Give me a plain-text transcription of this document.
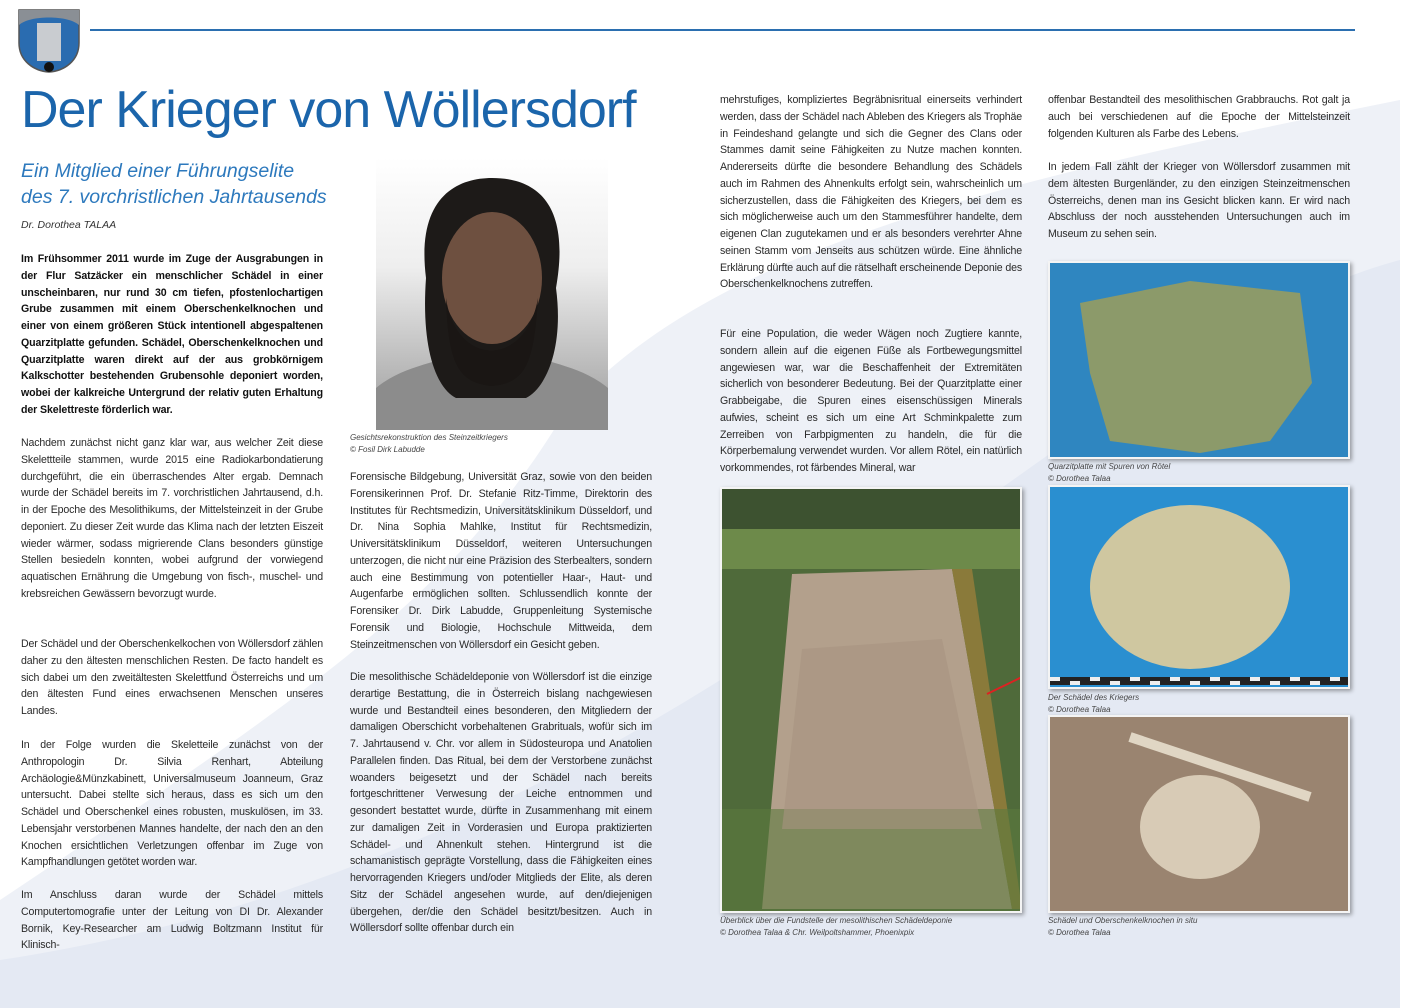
Der Krieger von Wöllersdorf
Ein Mitglied einer Führungselite
des 7. vorchristlichen Jahrtausends
Dr. Dorothea TALAA

Im Frühsommer 2011 wurde im Zuge der Ausgrabungen in der Flur Satzäcker ein menschlicher Schädel in einer unscheinbaren, nur rund 30 cm tiefen, pfostenlochartigen Grube zusammen mit einem Oberschenkelknochen und einer von einem größeren Stück intentionell abgespaltenen Quarzitplatte gefunden. Schädel, Oberschenkelknochen und Quarzitplatte waren direkt auf der aus grobkörnigem Kalkschotter bestehenden Grubensohle deponiert worden, wobei der kalkreiche Untergrund der relativ guten Erhaltung der Skelettreste förderlich war.

Nachdem zunächst nicht ganz klar war, aus welcher Zeit diese Skelettteile stammen, wurde 2015 eine Radiokarbondatierung durchgeführt, die ein überraschendes Alter ergab. Demnach wurde der Schädel bereits im 7. vorchristlichen Jahrtausend, d.h. in der Epoche des Mesolithikums, der Mittelsteinzeit in der Grube deponiert. Zu dieser Zeit wurde das Klima nach der letzten Eiszeit wieder wärmer, sodass migrierende Clans besonders günstige Stellen besiedeln konnten, wobei aufgrund der vorwiegend aquatischen Ernährung die Umgebung von fisch-, muschel- und krebsreichen Gewässern bevorzugt wurde.

Der Schädel und der Oberschenkelkochen von Wöllersdorf zählen daher zu den ältesten menschlichen Resten. De facto handelt es sich dabei um den zweitältesten Skelettfund Österreichs und um den ältesten Fund eines erwachsenen Menschen unseres Landes.

In der Folge wurden die Skeletteile zunächst von der Anthropologin Dr. Silvia Renhart, Abteilung Archäologie&Münzkabinett, Universalmuseum Joanneum, Graz untersucht. Dabei stellte sich heraus, dass es sich um den Schädel und Oberschenkel eines robusten, muskulösen, im 33. Lebensjahr verstorbenen Mannes handelte, der nach den an den Knochen ersichtlichen Verletzungen offenbar im Zuge von Kampfhandlungen getötet worden war.

Im Anschluss daran wurde der Schädel mittels Computertomografie unter der Leitung von DI Dr. Alexander Bornik, Key-Researcher am Ludwig Boltzmann Institut für Klinisch-

Gesichtsrekonstruktion des Steinzeitkriegers
© Fosil Dirk Labudde

Forensische Bildgebung, Universität Graz, sowie von den beiden Forensikerinnen Prof. Dr. Stefanie Ritz-Timme, Direktorin des Institutes für Rechtsmedizin, Universitätsklinikum Düsseldorf, und Dr. Nina Sophia Mahlke, Institut für Rechtsmedizin, Universitätsklinikum Düsseldorf, weiteren Untersuchungen unterzogen, die nicht nur eine Präzision des Sterbealters, sondern auch eine Bestimmung von potentieller Haar-, Haut- und Augenfarbe ermöglichen sollten. Schlussendlich konnte der Forensiker Dr. Dirk Labudde, Gruppenleitung Systemische Forensik und Biologie, Hochschule Mittweida, dem Steinzeitmenschen von Wöllersdorf ein Gesicht geben.

Die mesolithische Schädeldeponie von Wöllersdorf ist die einzige derartige Bestattung, die in Österreich bislang nachgewiesen wurde und Bestandteil eines besonderen, den Mitgliedern der damaligen Oberschicht vorbehaltenen Grabrituals, wofür sich im 7. Jahrtausend v. Chr. vor allem in Südosteuropa und Anatolien Parallelen finden. Das Ritual, bei dem der Verstorbene zunächst woanders beigesetzt und der Schädel nach bereits fortgeschrittener Verwesung der Leiche entnommen und gesondert bestattet wurde, dürfte in Zusammenhang mit einem zur damaligen Zeit in Vorderasien und Europa praktizierten Schädel- und Ahnenkult stehen. Hintergrund ist die schamanistisch geprägte Vorstellung, dass die Fähigkeiten eines hervorragenden Kriegers und/oder Mitglieds der Elite, als deren Sitz der Schädel angesehen wurde, auf den/diejenigen übergehen, der/die den Schädel besitzt/besitzen. Auch in Wöllersdorf sollte offenbar durch ein

mehrstufiges, kompliziertes Begräbnisritual einerseits verhindert werden, dass der Schädel nach Ableben des Kriegers als Trophäe in Feindeshand gelangte und sich die Gegner des Clans oder Stammes damit seine Fähigkeiten zu Nutze machen konnten. Andererseits dürfte die besondere Behandlung des Schädels auch im Rahmen des Ahnenkults erfolgt sein, wahrscheinlich um sicherzustellen, dass die Fähigkeiten des Kriegers, bei dem es sich möglicherweise auch um den Stammesführer handelte, dem eigenen Clan zugutekamen und er als besonders verehrter Ahne seinen Stamm vom Jenseits aus schützen würde. Eine ähnliche Erklärung dürfte auch auf die rätselhaft erscheinende Deponie des Oberschenkelknochens zutreffen.

Für eine Population, die weder Wägen noch Zugtiere kannte, sondern allein auf die eigenen Füße als Fortbewegungsmittel angewiesen war, war die Beschaffenheit der Extremitäten sicherlich von besonderer Bedeutung. Bei der Quarzitplatte einer Grabbeigabe, die Spuren eines eisenschüssigen Minerals aufwies, scheint es sich um eine Art Schminkpalette zum Zerreiben von Farbpigmenten zu handeln, die für die Körperbemalung verwendet wurden. Vor allem Rötel, ein natürlich vorkommendes, rot färbendes Mineral, war

Überblick über die Fundstelle der mesolithischen Schädeldeponie
© Dorothea Talaa & Chr. Weilpoltshammer, Phoenixpix

offenbar Bestandteil des mesolithischen Grabbrauchs. Rot galt ja auch bei verschiedenen auf die Epoche der Mittelsteinzeit folgenden Kulturen als Farbe des Lebens.

In jedem Fall zählt der Krieger von Wöllersdorf zusammen mit dem ältesten Burgenländer, zu den einzigen Steinzeitmenschen Österreichs, denen man ins Gesicht blicken kann. Er wird nach Abschluss der noch ausstehenden Untersuchungen auch im Museum zu sehen sein.

Quarzitplatte mit Spuren von Rötel
© Dorothea Talaa
Der Schädel des Kriegers
© Dorothea Talaa
Schädel und Oberschenkelknochen in situ
© Dorothea Talaa
